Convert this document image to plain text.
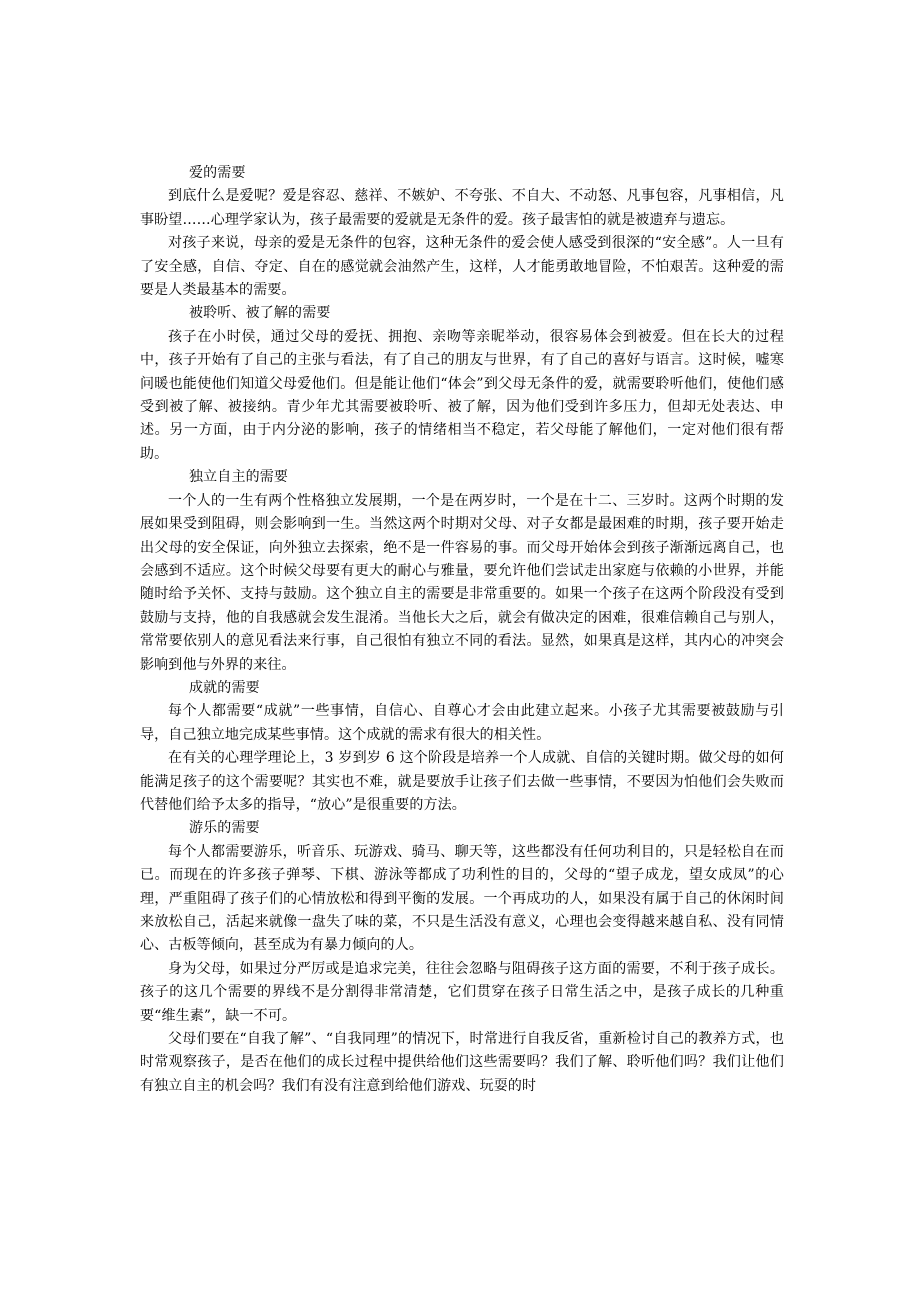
爱的需要

到底什么是爱呢？爱是容忍、慈祥、不嫉妒、不夸张、不自大、不动怒、凡事包容，凡事相信，凡事盼望……心理学家认为，孩子最需要的爱就是无条件的爱。孩子最害怕的就是被遗弃与遗忘。

对孩子来说，母亲的爱是无条件的包容，这种无条件的爱会使人感受到很深的“安全感”。人一旦有了安全感，自信、夺定、自在的感觉就会油然产生，这样，人才能勇敢地冒险，不怕艰苦。这种爱的需要是人类最基本的需要。

被聆听、被了解的需要

孩子在小时侯，通过父母的爱抚、拥抱、亲吻等亲昵举动，很容易体会到被爱。但在长大的过程中，孩子开始有了自己的主张与看法，有了自己的朋友与世界，有了自己的喜好与语言。这时候，嘘寒问暖也能使他们知道父母爱他们。但是能让他们“体会”到父母无条件的爱，就需要聆听他们，使他们感受到被了解、被接纳。青少年尤其需要被聆听、被了解，因为他们受到许多压力，但却无处表达、申述。另一方面，由于内分泌的影响，孩子的情绪相当不稳定，若父母能了解他们，一定对他们很有帮助。

独立自主的需要

一个人的一生有两个性格独立发展期，一个是在两岁时，一个是在十二、三岁时。这两个时期的发展如果受到阻碍，则会影响到一生。当然这两个时期对父母、对子女都是最困难的时期，孩子要开始走出父母的安全保证，向外独立去探索，绝不是一件容易的事。而父母开始体会到孩子渐渐远离自己，也会感到不适应。这个时候父母要有更大的耐心与雅量，要允许他们尝试走出家庭与依赖的小世界，并能随时给予关怀、支持与鼓励。这个独立自主的需要是非常重要的。如果一个孩子在这两个阶段没有受到鼓励与支持，他的自我感就会发生混淆。当他长大之后，就会有做决定的困难，很难信赖自己与别人，常常要依别人的意见看法来行事，自己很怕有独立不同的看法。显然，如果真是这样，其内心的冲突会影响到他与外界的来往。

成就的需要

每个人都需要“成就”一些事情，自信心、自尊心才会由此建立起来。小孩子尤其需要被鼓励与引导，自己独立地完成某些事情。这个成就的需求有很大的相关性。

在有关的心理学理论上，3 岁到岁 6 这个阶段是培养一个人成就、自信的关键时期。做父母的如何能满足孩子的这个需要呢？其实也不难，就是要放手让孩子们去做一些事情，不要因为怕他们会失败而代替他们给予太多的指导，“放心”是很重要的方法。

游乐的需要

每个人都需要游乐，听音乐、玩游戏、骑马、聊天等，这些都没有任何功利目的，只是轻松自在而已。而现在的许多孩子弹琴、下棋、游泳等都成了功利性的目的，父母的“望子成龙，望女成凤”的心理，严重阻碍了孩子们的心情放松和得到平衡的发展。一个再成功的人，如果没有属于自己的休闲时间来放松自己，活起来就像一盘失了味的菜，不只是生活没有意义，心理也会变得越来越自私、没有同情心、古板等倾向，甚至成为有暴力倾向的人。

身为父母，如果过分严厉或是追求完美，往往会忽略与阻碍孩子这方面的需要，不利于孩子成长。孩子的这几个需要的界线不是分割得非常清楚，它们贯穿在孩子日常生活之中，是孩子成长的几种重要“维生素”，缺一不可。

父母们要在“自我了解”、“自我同理”的情况下，时常进行自我反省，重新检讨自己的教养方式，也时常观察孩子，是否在他们的成长过程中提供给他们这些需要吗？我们了解、聆听他们吗？我们让他们有独立自主的机会吗？我们有没有注意到给他们游戏、玩耍的时
